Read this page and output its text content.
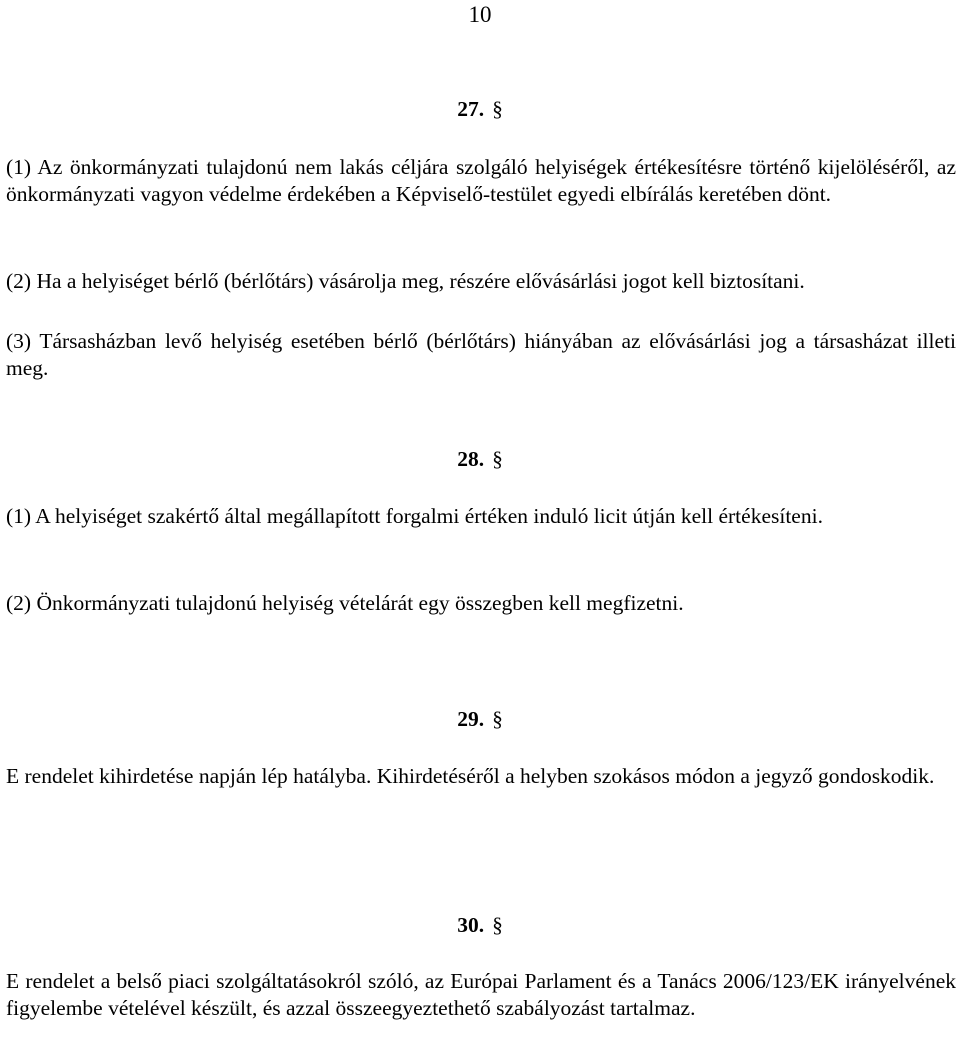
10
27. §
(1) Az önkormányzati tulajdonú nem lakás céljára szolgáló helyiségek értékesítésre történő kijelöléséről, az önkormányzati vagyon védelme érdekében a Képviselő-testület egyedi elbírálás keretében dönt.
(2) Ha a helyiséget bérlő (bérlőtárs) vásárolja meg, részére elővásárlási jogot kell biztosítani.
(3) Társasházban levő helyiség esetében bérlő (bérlőtárs) hiányában az elővásárlási jog a társasházat illeti meg.
28. §
(1) A helyiséget szakértő által megállapított forgalmi értéken induló licit útján kell értékesíteni.
(2) Önkormányzati tulajdonú helyiség vételárát egy összegben kell megfizetni.
29. §
E rendelet kihirdetése napján lép hatályba. Kihirdetéséről a helyben szokásos módon a jegyző gondoskodik.
30. §
E rendelet a belső piaci szolgáltatásokról szóló, az Európai Parlament és a Tanács 2006/123/EK irányelvének figyelembe vételével készült, és azzal összeegyeztethető szabályozást tartalmaz.
